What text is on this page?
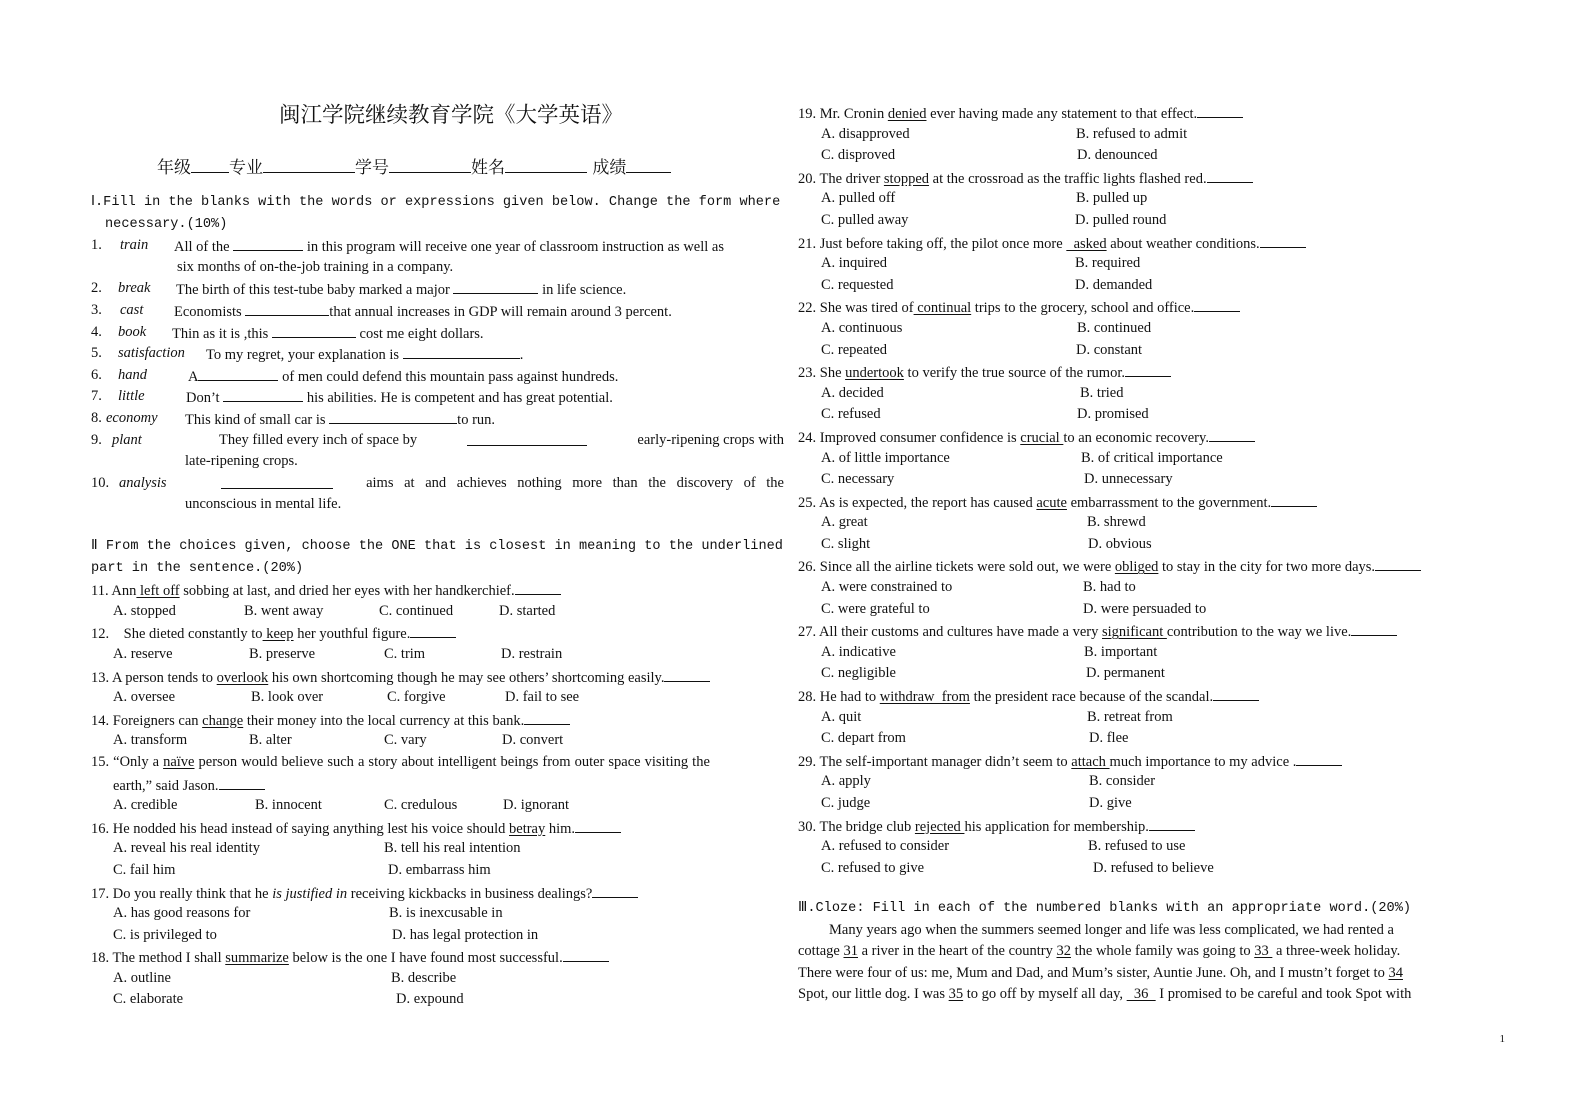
闽江学院继续教育学院《大学英语》
年级 专业	学号	姓名	成绩
Ⅰ.Fill in the blanks with the words or expressions given below. Change the form where
necessary.(10%)
1. train All of the	in this program will receive one year of classroom instruction as well as
six months of on-the-job training in a company.
2. break The birth of this test-tube baby marked a major	in life science.
3. cast Economists	that annual increases in GDP will remain around 3 percent.
4. book Thin as it is ,this	cost me eight dollars.
5. satisfaction To my regret, your explanation is	.
6. hand	A	of men could defend this mountain pass against hundreds.
7. little	Don’t	his abilities. He is competent and has great potential.
8. economy This kind of small car is	to run.
9. plant	They filled every inch of space by	early-ripening crops with
late-ripening crops.
10. analysis	aims at and achieves nothing more than the discovery of the
unconscious in mental life.
Ⅱ From the choices given, choose the ONE that is closest in meaning to the underlined
part in the sentence.(20%)
11. Ann left off sobbing at last, and dried her eyes with her handkerchief.
A. stopped	B. went away	C. continued	D. started
12.    She dieted constantly to keep her youthful figure.
A. reserve	B. preserve	C. trim	D. restrain
13. A person tends to overlook his own shortcoming though he may see others’ shortcoming easily.
A. oversee	B. look over	C. forgive	D. fail to see
14. Foreigners can change their money into the local currency at this bank.
A. transform	B. alter	C. vary	D. convert
15. “Only a naïve person would believe such a story about intelligent beings from outer space visiting the
earth,” said Jason.
A. credible	B. innocent	C. credulous	D. ignorant
16. He nodded his head instead of saying anything lest his voice should betray him.
A. reveal his real identity	B. tell his real intention
C. fail him	D. embarrass him
17. Do you really think that he is justified in receiving kickbacks in business dealings?
A. has good reasons for	B. is inexcusable in
C. is privileged to	D. has legal protection in
18. The method I shall summarize below is the one I have found most successful.
A. outline	B. describe
C. elaborate	D. expound
19. Mr. Cronin denied ever having made any statement to that effect.
A. disapproved	B. refused to admit
C. disproved	D. denounced
20. The driver stopped at the crossroad as the traffic lights flashed red.
A. pulled off	B. pulled up
C. pulled away	D. pulled round
21. Just before taking off, the pilot once more   asked about weather conditions.
A. inquired	B. required
C. requested	D. demanded
22. She was tired of continual trips to the grocery, school and office.
A. continuous	B. continued
C. repeated	D. constant
23. She undertook to verify the true source of the rumor.
A. decided	B. tried
C. refused	D. promised
24. Improved consumer confidence is crucial to an economic recovery.
A. of little importance	B. of critical importance
C. necessary	D. unnecessary
25. As is expected, the report has caused acute embarrassment to the government.
A. great	B. shrewd
C. slight	D. obvious
26. Since all the airline tickets were sold out, we were obliged to stay in the city for two more days.
A. were constrained to	B. had to
C. were grateful to	D. were persuaded to
27. All their customs and cultures have made a very significant contribution to the way we live.
A. indicative	B. important
C. negligible	D. permanent
28. He had to withdraw  from the president race because of the scandal.
A. quit	B. retreat from
C. depart from	D. flee
29. The self-important manager didn’t seem to attach much importance to my advice .
A. apply	B. consider
C. judge	D. give
30. The bridge club rejected his application for membership.
A. refused to consider	B. refused to use
C. refused to give	D. refused to believe
Ⅲ.Cloze: Fill in each of the numbered blanks with an appropriate word.(20%)
Many years ago when the summers seemed longer and life was less complicated, we had rented a
cottage 31 a river in the heart of the country 32 the whole family was going to 33  a three-week holiday.
There were four of us: me, Mum and Dad, and Mum’s sister, Auntie June. Oh, and I mustn’t forget to 34
Spot, our little dog. I was 35 to go off by myself all day,   36   I promised to be careful and took Spot with
1
